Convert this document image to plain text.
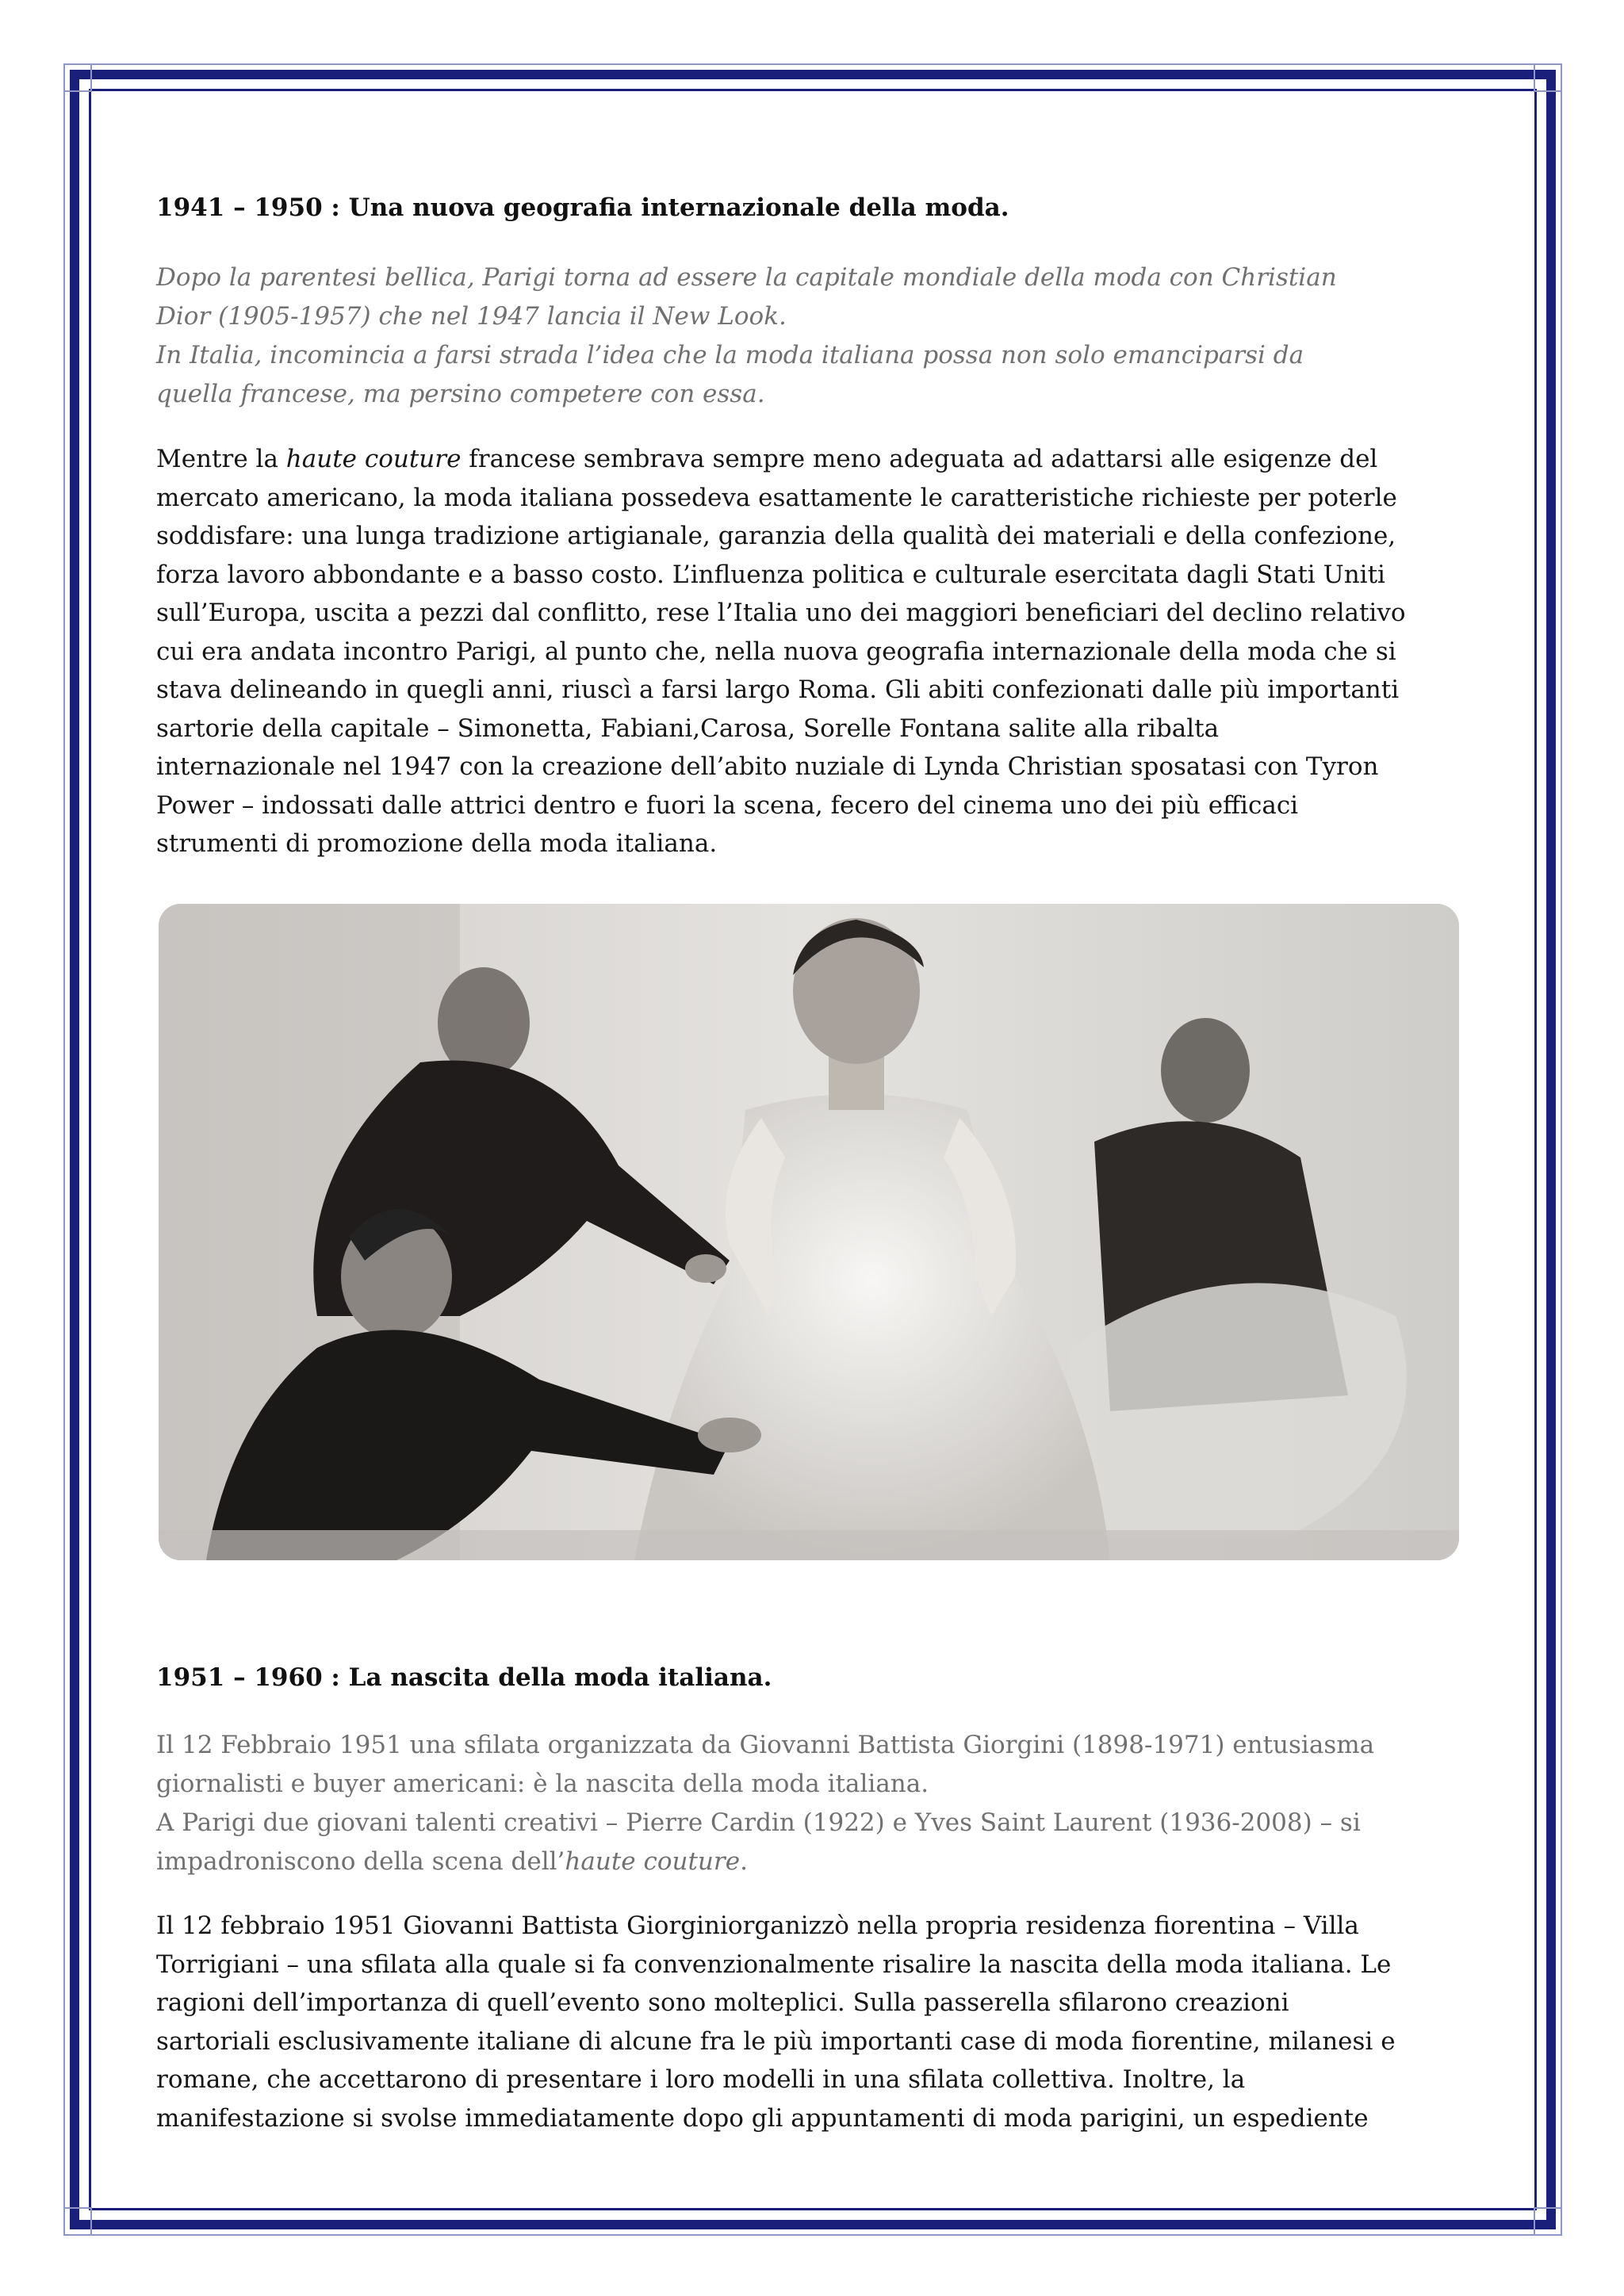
1941 – 1950 : Una nuova geografia internazionale della moda.
Dopo la parentesi bellica, Parigi torna ad essere la capitale mondiale della moda con Christian
Dior (1905-1957) che nel 1947 lancia il New Look.
In Italia, incomincia a farsi strada l’idea che la moda italiana possa non solo emanciparsi da
quella francese, ma persino competere con essa.
Mentre la haute couture francese sembrava sempre meno adeguata ad adattarsi alle esigenze del
mercato americano, la moda italiana possedeva esattamente le caratteristiche richieste per poterle
soddisfare: una lunga tradizione artigianale, garanzia della qualità dei materiali e della confezione,
forza lavoro abbondante e a basso costo. L’influenza politica e culturale esercitata dagli Stati Uniti
sull’Europa, uscita a pezzi dal conflitto, rese l’Italia uno dei maggiori beneficiari del declino relativo
cui era andata incontro Parigi, al punto che, nella nuova geografia internazionale della moda che si
stava delineando in quegli anni, riuscì a farsi largo Roma. Gli abiti confezionati dalle più importanti
sartorie della capitale – Simonetta, Fabiani,Carosa, Sorelle Fontana salite alla ribalta
internazionale nel 1947 con la creazione dell’abito nuziale di Lynda Christian sposatasi con Tyron
Power – indossati dalle attrici dentro e fuori la scena, fecero del cinema uno dei più efficaci
strumenti di promozione della moda italiana.
1951 – 1960 : La nascita della moda italiana.
Il 12 Febbraio 1951 una sfilata organizzata da Giovanni Battista Giorgini (1898-1971) entusiasma
giornalisti e buyer americani: è la nascita della moda italiana.
A Parigi due giovani talenti creativi – Pierre Cardin (1922) e Yves Saint Laurent (1936-2008) – si
impadroniscono della scena dell’haute couture.
Il 12 febbraio 1951 Giovanni Battista Giorginiorganizzò nella propria residenza fiorentina – Villa
Torrigiani – una sfilata alla quale si fa convenzionalmente risalire la nascita della moda italiana. Le
ragioni dell’importanza di quell’evento sono molteplici. Sulla passerella sfilarono creazioni
sartoriali esclusivamente italiane di alcune fra le più importanti case di moda fiorentine, milanesi e
romane, che accettarono di presentare i loro modelli in una sfilata collettiva. Inoltre, la
manifestazione si svolse immediatamente dopo gli appuntamenti di moda parigini, un espediente
